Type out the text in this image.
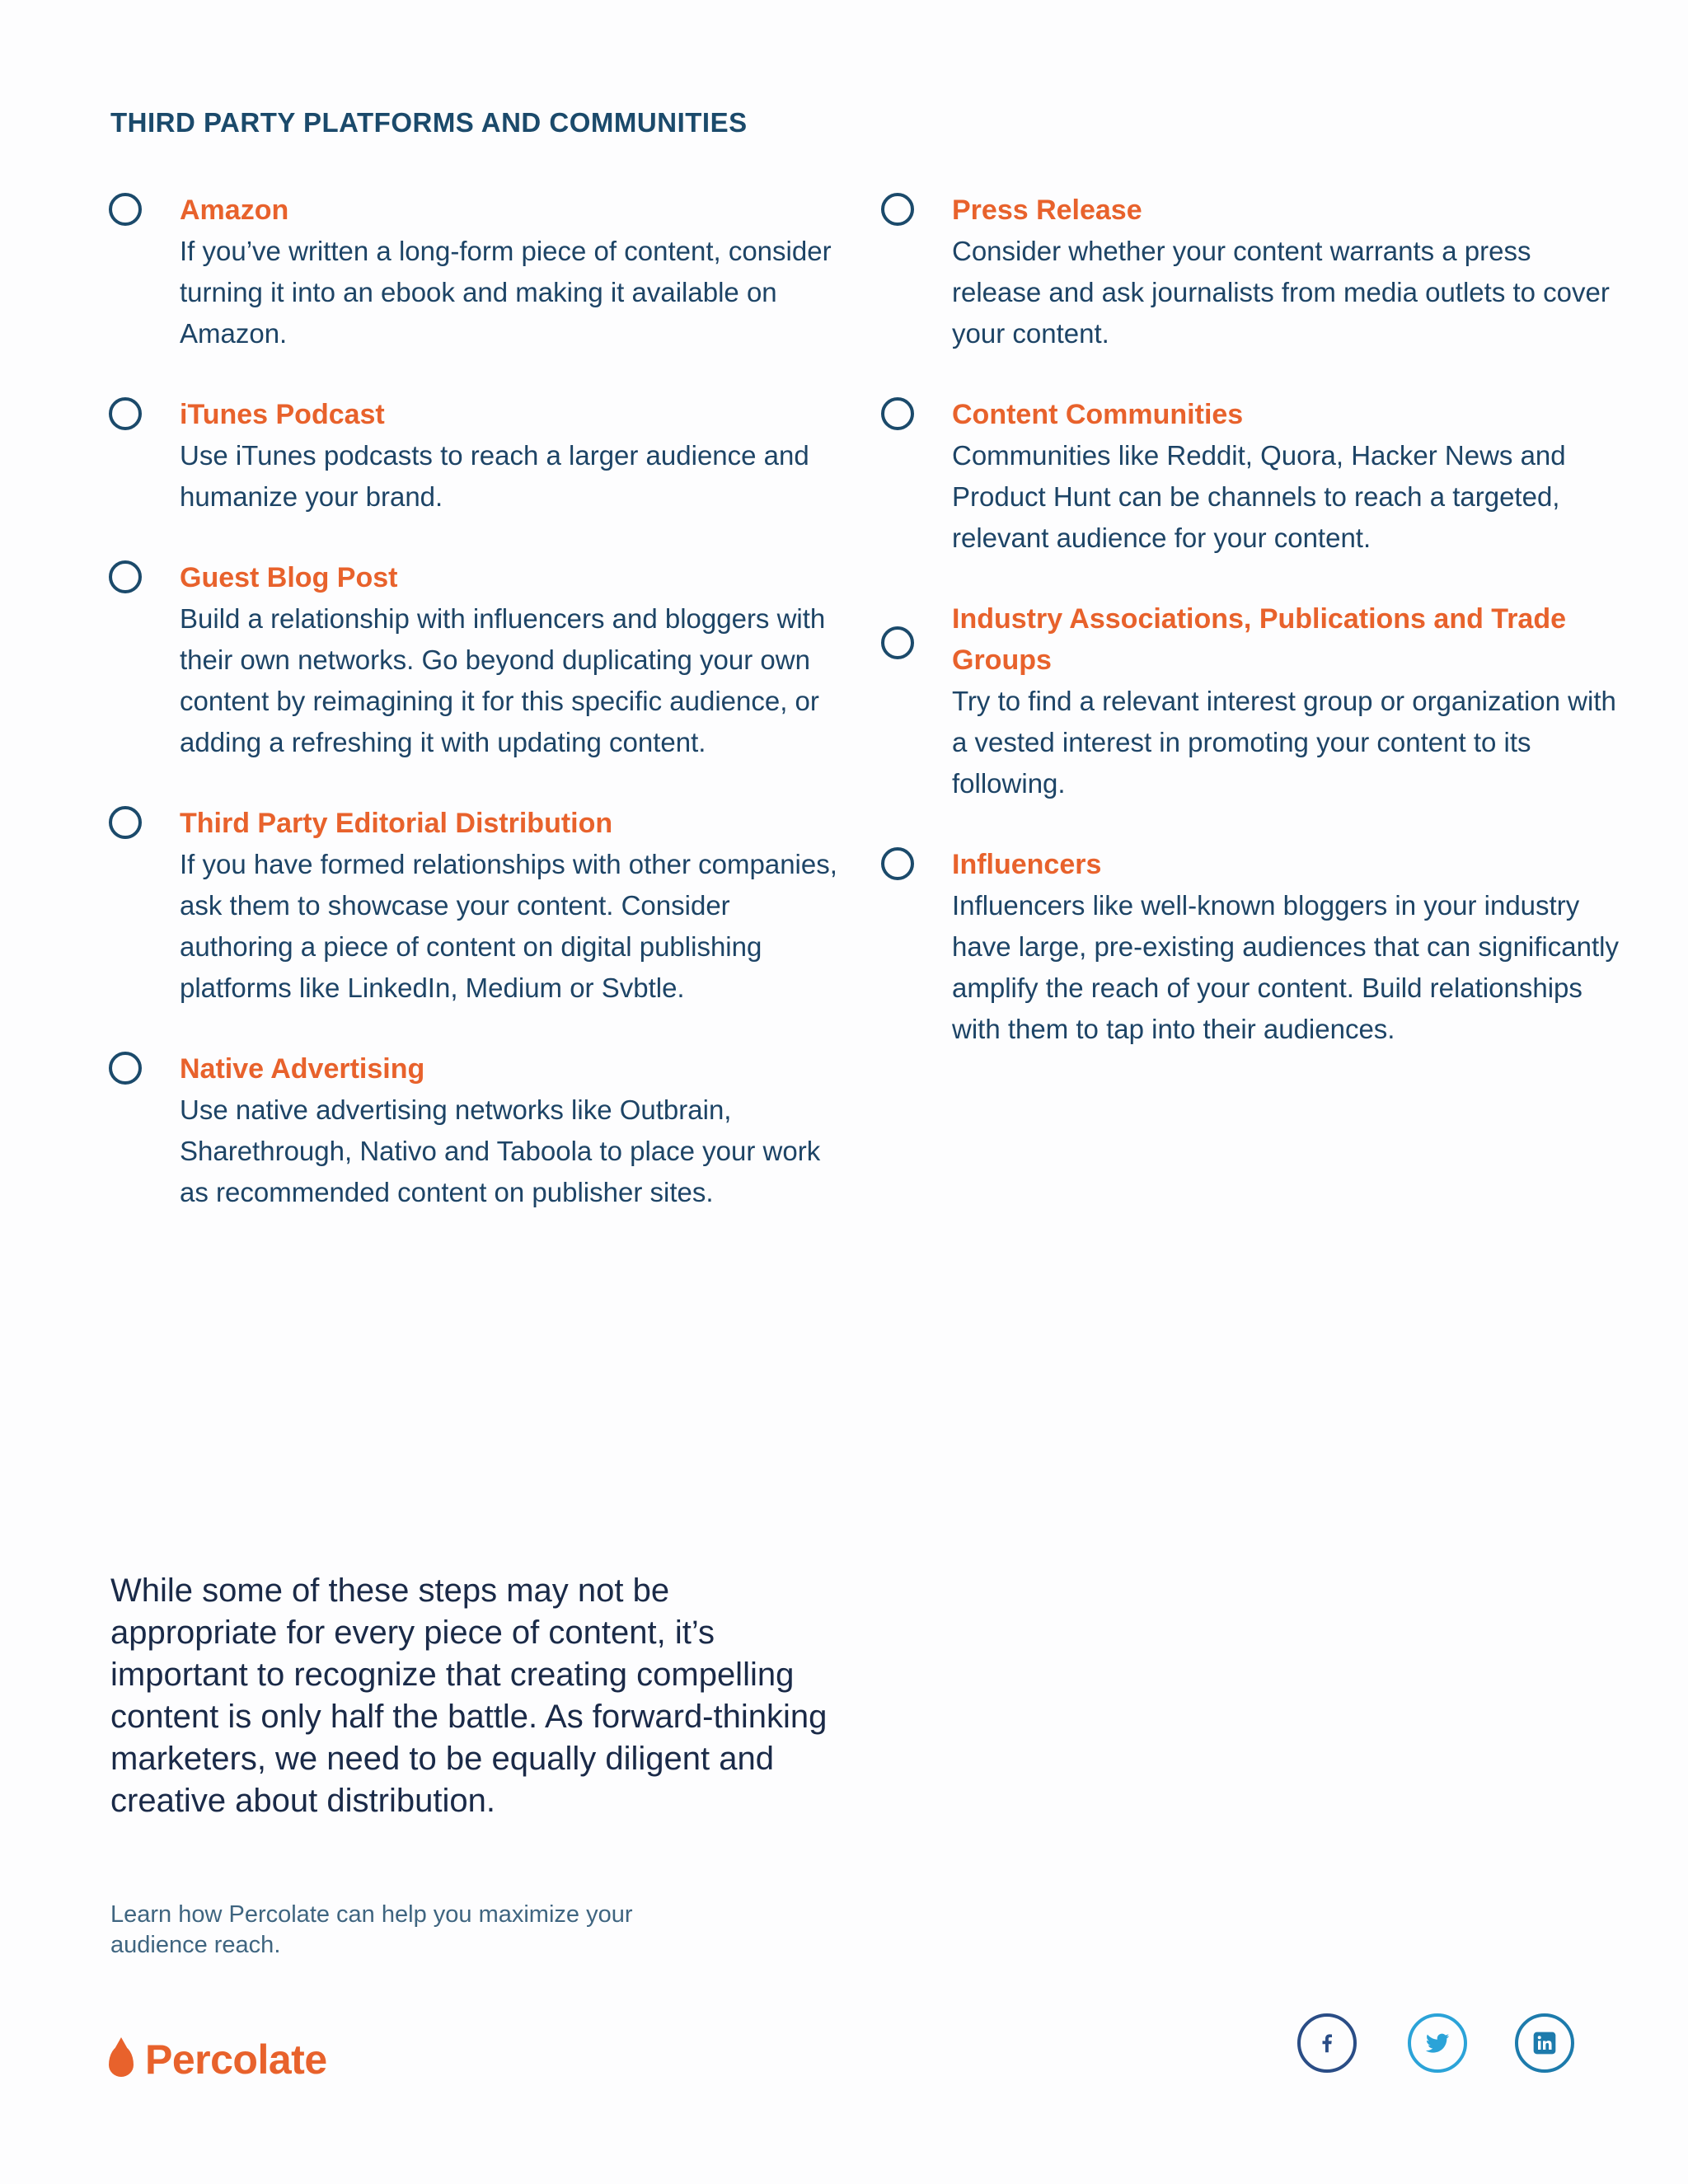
THIRD PARTY PLATFORMS AND COMMUNITIES
Amazon

If you’ve written a long-form piece of content, consider turning it into an ebook and making it available on Amazon.

iTunes Podcast

Use iTunes podcasts to reach a larger audience and humanize your brand.

Guest Blog Post

Build a relationship with influencers and bloggers with their own networks. Go beyond duplicating your own content by reimagining it for this specific audience, or adding a refreshing it with updating content.

Third Party Editorial Distribution

If you have formed relationships with other companies, ask them to showcase your content. Consider authoring a piece of content on digital publishing platforms like LinkedIn, Medium or Svbtle.

Native Advertising

Use native advertising networks like Outbrain, Sharethrough, Nativo and Taboola to place your work as recommended content on publisher sites.

Press Release

Consider whether your content warrants a press release and ask journalists from media outlets to cover your content.

Content Communities

Communities like Reddit, Quora, Hacker News and Product Hunt can be channels to reach a targeted, relevant audience for your content.

Industry Associations, Publications and Trade Groups

Try to find a relevant interest group or organization with a vested interest in promoting your content to its following.

Influencers

Influencers like well-known bloggers in your industry have large, pre-existing audiences that can significantly amplify the reach of your content. Build relationships with them to tap into their audiences.

While some of these steps may not be appropriate for every piece of content, it’s important to recognize that creating compelling content is only half the battle. As forward-thinking marketers, we need to be equally diligent and creative about distribution.

Learn how Percolate can help you maximize your audience reach.
Percolate
